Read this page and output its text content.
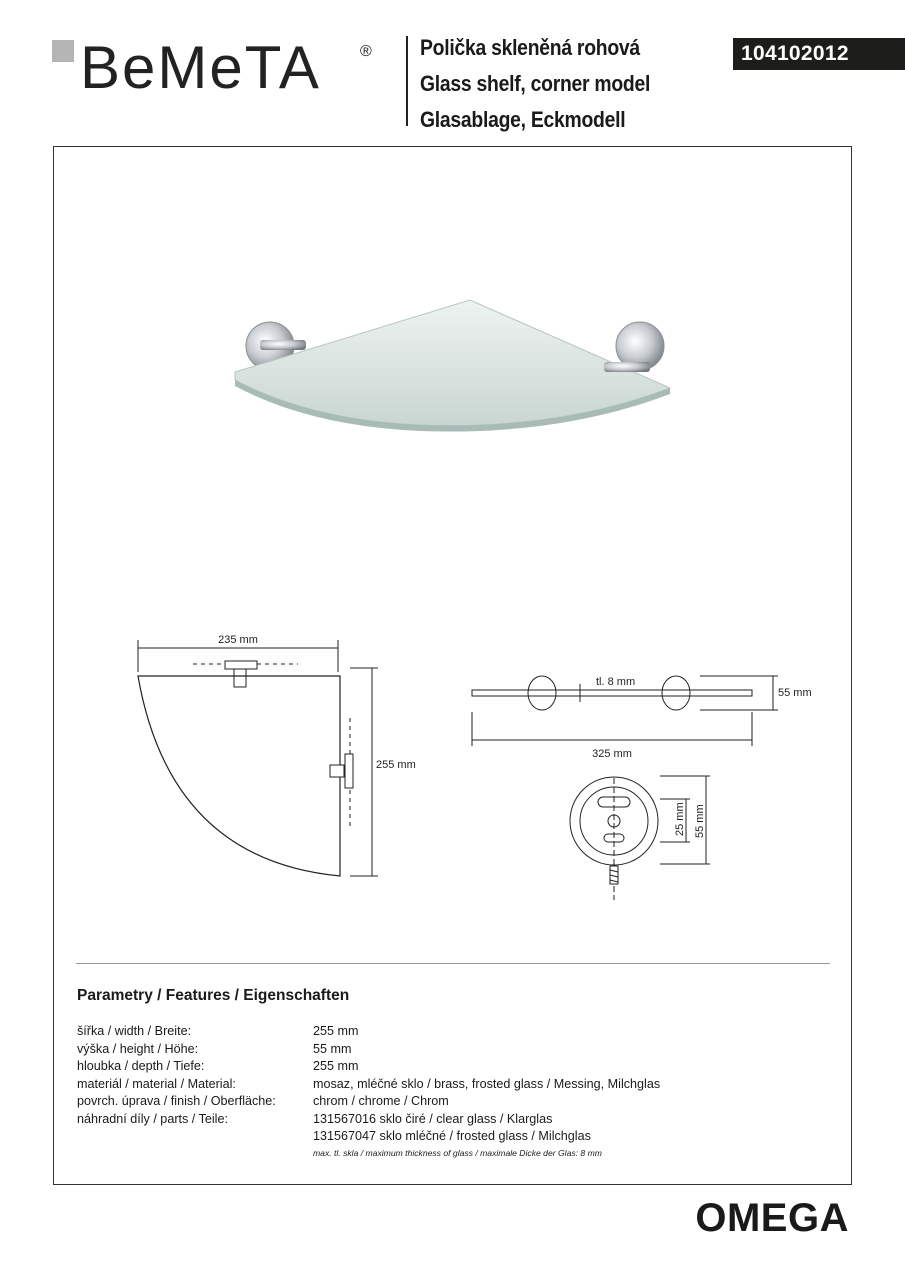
BeMeTA ® Polička skleněná rohová
Glass shelf, corner model
Glasablage, Eckmodell
104102012
235 mm
255 mm
tl. 8 mm
55 mm
325 mm
25 mm 55 mm
Parametry / Features / Eigenschaften
šířka / width / Breite:	255 mm
výška / height / Höhe:	55 mm
hloubka / depth / Tiefe:	255 mm
materiál / material / Material:	mosaz, mléčné sklo / brass, frosted glass / Messing, Milchglas
povrch. úprava / finish / Oberfläche:	chrom / chrome / Chrom
náhradní díly / parts / Teile:	131567016 sklo čiré / clear glass / Klarglas
131567047 sklo mléčné / frosted glass / Milchglas
max. tl. skla / maximum thickness of glass / maximale Dicke der Glas: 8 mm
OMEGA
